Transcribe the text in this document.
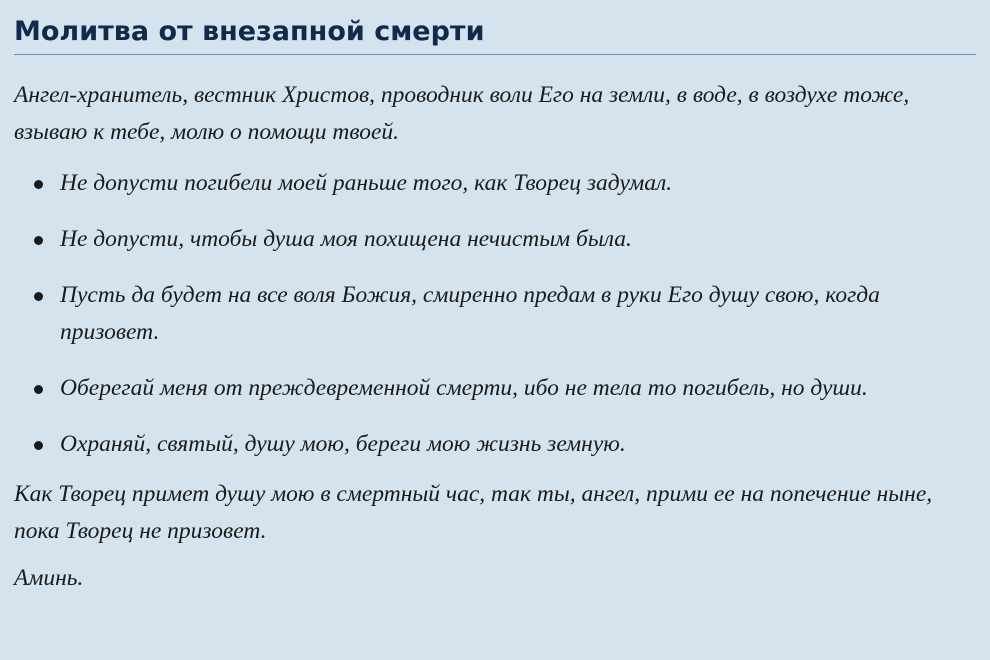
Молитва от внезапной смерти

Ангел-хранитель, вестник Христов, проводник воли Его на земли, в воде, в воздухе тоже, взываю к тебе, молю о помощи твоей.

Не допусти погибели моей раньше того, как Творец задумал.
Не допусти, чтобы душа моя похищена нечистым была.
Пусть да будет на все воля Божия, смиренно предам в руки Его душу свою, когда призовет.
Оберегай меня от преждевременной смерти, ибо не тела то погибель, но души.
Охраняй, святый, душу мою, береги мою жизнь земную.

Как Творец примет душу мою в смертный час, так ты, ангел, прими ее на попечение ныне, пока Творец не призовет.

Аминь.
